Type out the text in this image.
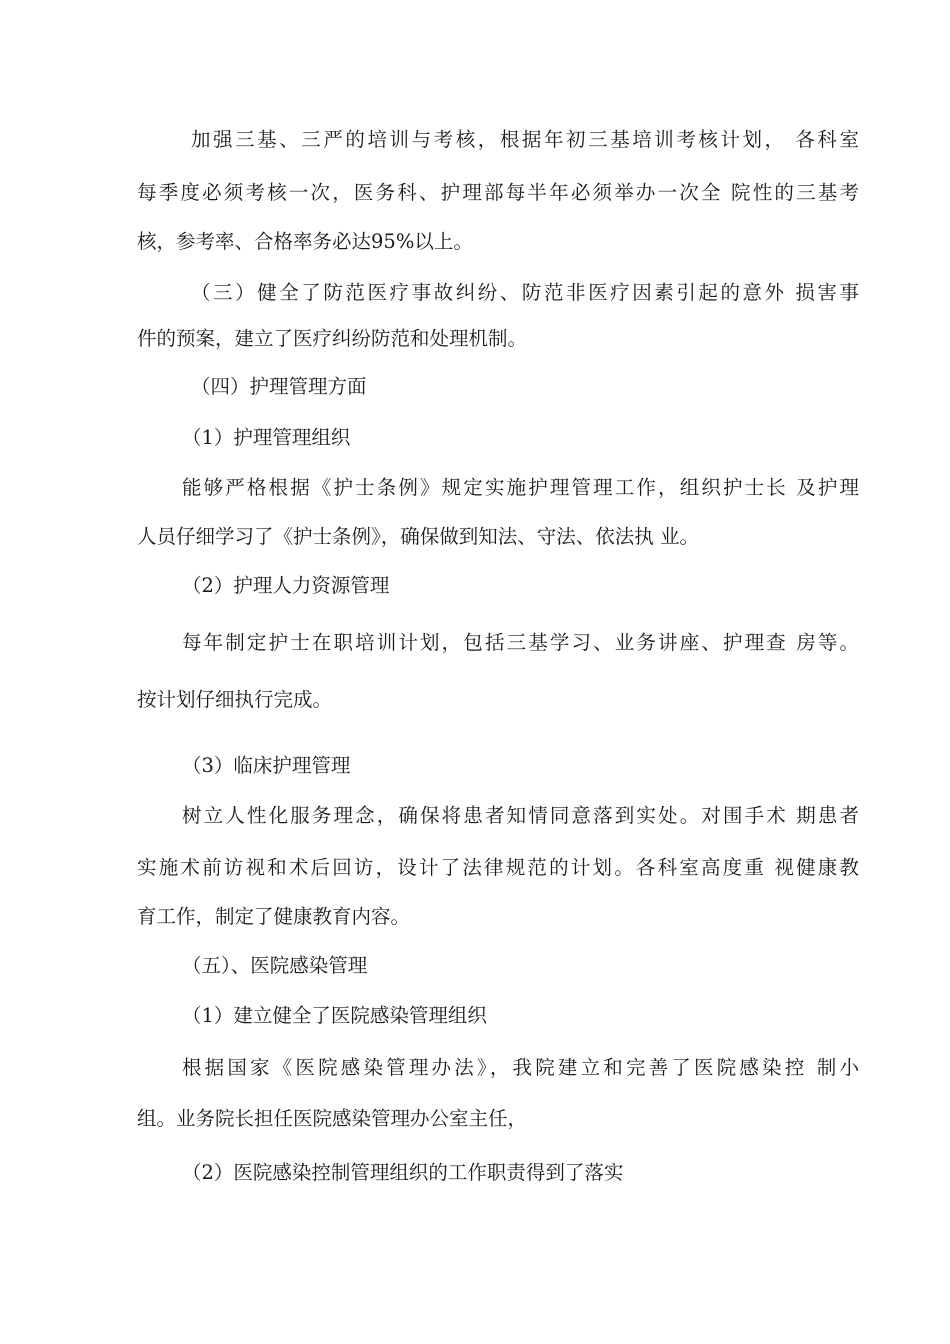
加强三基、三严的培训与考核，根据年初三基培训考核计划， 各科室
每季度必须考核一次，医务科、护理部每半年必须举办一次全 院性的三基考
核，参考率、合格率务必达95%以上。
（三）健全了防范医疗事故纠纷、防范非医疗因素引起的意外 损害事
件的预案，建立了医疗纠纷防范和处理机制。
（四）护理管理方面
（1）护理管理组织
能够严格根据《护士条例》规定实施护理管理工作，组织护士长 及护理
人员仔细学习了《护士条例》，确保做到知法、守法、依法执 业。
（2）护理人力资源管理
每年制定护士在职培训计划，包括三基学习、业务讲座、护理查 房等。
按计划仔细执行完成。
（3）临床护理管理
树立人性化服务理念，确保将患者知情同意落到实处。对围手术 期患者
实施术前访视和术后回访，设计了法律规范的计划。各科室高度重 视健康教
育工作，制定了健康教育内容。
（五）、医院感染管理
（1）建立健全了医院感染管理组织
根据国家《医院感染管理办法》，我院建立和完善了医院感染控 制小
组。业务院长担任医院感染管理办公室主任，
（2）医院感染控制管理组织的工作职责得到了落实
